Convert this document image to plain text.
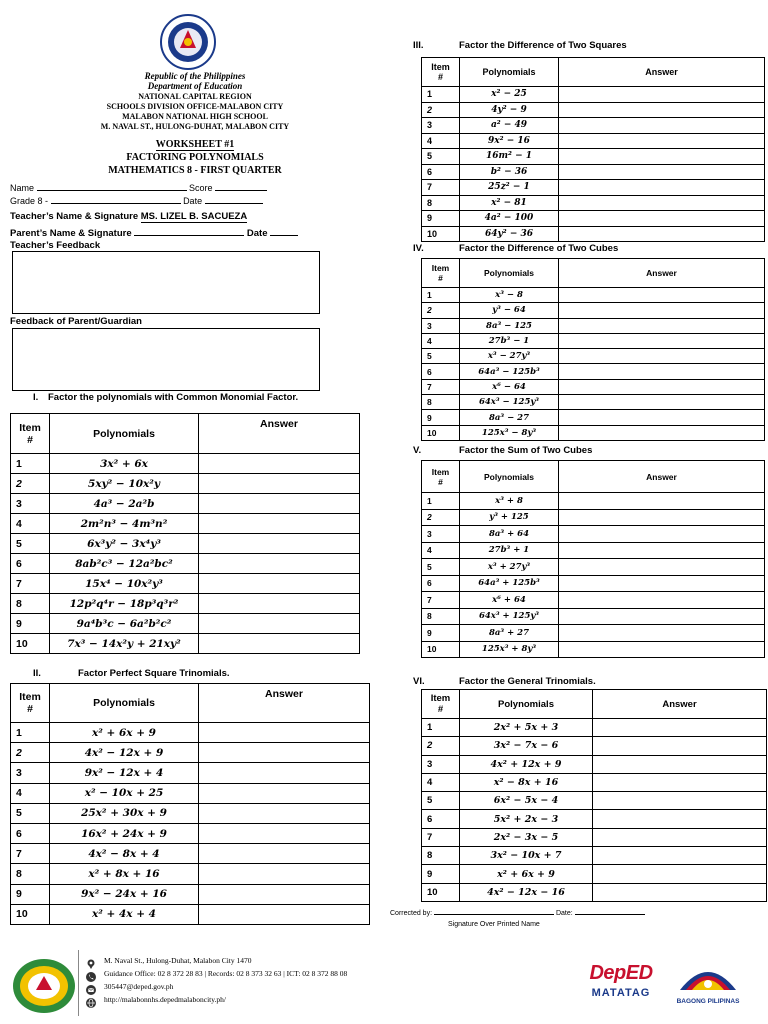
Republic of the Philippines
Department of Education
NATIONAL CAPITAL REGION
SCHOOLS DIVISION OFFICE-MALABON CITY
MALABON NATIONAL HIGH SCHOOL
M. NAVAL ST., HULONG-DUHAT, MALABON CITY
WORKSHEET #1
FACTORING POLYNOMIALS
MATHEMATICS 8 - FIRST QUARTER
Name	Score
Grade 8 -	Date
Teacher’s Name & Signature MS. LIZEL B. SACUEZA
Parent’s Name & Signature	Date
Teacher’s Feedback
Feedback of Parent/Guardian
I. Factor the polynomials with Common Monomial Factor.
II.	Factor Perfect Square Trinomials.
III.	Factor the Difference of Two Squares
IV.	Factor the Difference of Two Cubes
V.	Factor the Sum of Two Cubes
VI.	Factor the General Trinomials.
Item
#	Polynomials	Answer
1	3x² + 6x	
2	5xy² − 10x²y	
3	4a³ − 2a²b	
4	2m²n³ − 4m³n²	
5	6x³y² − 3x⁴y³	
6	8ab²c³ − 12a²bc²	
7	15x⁴ − 10x²y³	
8	12p²q⁴r − 18p³q³r²	
9	9a⁴b³c − 6a²b²c²	
10	7x³ − 14x²y + 21xy²	
Item
#	Polynomials	Answer
1	x² + 6x + 9	
2	4x² − 12x + 9	
3	9x² − 12x + 4	
4	x² − 10x + 25	
5	25x² + 30x + 9	
6	16x² + 24x + 9	
7	4x² − 8x + 4	
8	x² + 8x + 16	
9	9x² − 24x + 16	
10	x² + 4x + 4	
Item
#	Polynomials	Answer
1	x² − 25	
2	4y² − 9	
3	a² − 49	
4	9x² − 16	
5	16m² − 1	
6	b² − 36	
7	25z² − 1	
8	x² − 81	
9	4a² − 100	
10	64y² − 36	
Item
#	Polynomials	Answer
1	x³ − 8	
2	y³ − 64	
3	8a³ − 125	
4	27b³ − 1	
5	x³ − 27y³	
6	64a³ − 125b³	
7	x⁶ − 64	
8	64x³ − 125y³	
9	8a³ − 27	
10	125x³ − 8y³	
Item
#	Polynomials	Answer
1	x³ + 8	
2	y³ + 125	
3	8a³ + 64	
4	27b³ + 1	
5	x³ + 27y³	
6	64a³ + 125b³	
7	x⁶ + 64	
8	64x³ + 125y³	
9	8a³ + 27	
10	125x³ + 8y³	
Item
#	Polynomials	Answer
1	2x² + 5x + 3	
2	3x² − 7x − 6	
3	4x² + 12x + 9	
4	x² − 8x + 16	
5	6x² − 5x − 4	
6	5x² + 2x − 3	
7	2x² − 3x − 5	
8	3x² − 10x + 7	
9	x² + 6x + 9	
10	4x² − 12x − 16	
Corrected by:	Date:
Signature Over Printed Name
M. Naval St., Hulong-Duhat, Malabon City 1470
Guidance Office: 02 8 372 28 83 | Records: 02 8 373 32 63 | ICT: 02 8 372 88 08
305447@deped.gov.ph
http://malabonnhs.depedmalaboncity.ph/
DepED
MATATAG
BAGONG PILIPINAS
